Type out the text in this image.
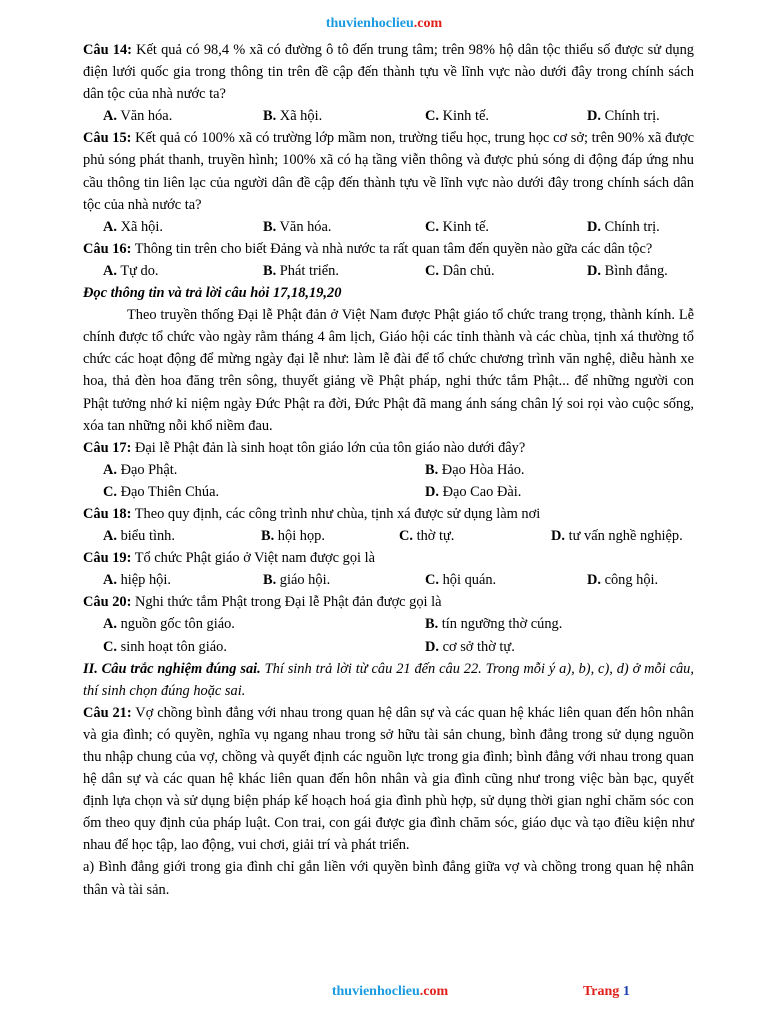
thuvienhoclieu.com

Câu 14: Kết quả có 98,4 % xã có đường ô tô đến trung tâm; trên 98% hộ dân tộc thiểu số được sử dụng điện lưới quốc gia trong thông tin trên đề cập đến thành tựu về lĩnh vực nào dưới đây trong chính sách dân tộc của nhà nước ta?

A. Văn hóa.	B. Xã hội.	C. Kinh tế.	D. Chính trị.

Câu 15: Kết quả có 100% xã có trường lớp mầm non, trường tiểu học, trung học cơ sở; trên 90% xã được phủ sóng phát thanh, truyền hình; 100% xã có hạ tầng viễn thông và được phủ sóng di động đáp ứng nhu cầu thông tin liên lạc của người dân đề cập đến thành tựu về lĩnh vực nào dưới đây trong chính sách dân tộc của nhà nước ta?

A. Xã hội.	B. Văn hóa.	C. Kinh tế.	D. Chính trị.

Câu 16: Thông tin trên cho biết Đảng và nhà nước ta rất quan tâm đến quyền nào gữa các dân tộc?

A. Tự do.	B. Phát triển.	C. Dân chủ.	D. Bình đẳng.

Đọc thông tin và trả lời câu hỏi 17,18,19,20

Theo truyền thống Đại lễ Phật đản ở Việt Nam được Phật giáo tổ chức trang trọng, thành kính. Lễ chính được tổ chức vào ngày rằm tháng 4 âm lịch, Giáo hội các tỉnh thành và các chùa, tịnh xá thường tổ chức các hoạt động để mừng ngày đại lễ như: làm lễ đài để tổ chức chương trình văn nghệ, diễu hành xe hoa, thả đèn hoa đăng trên sông, thuyết giảng về Phật pháp, nghi thức tắm Phật... để những người con Phật tưởng nhớ kỉ niệm ngày Đức Phật ra đời, Đức Phật đã mang ánh sáng chân lý soi rọi vào cuộc sống, xóa tan những nỗi khổ niềm đau.

Câu 17: Đại lễ Phật đản là sinh hoạt tôn giáo lớn của tôn giáo nào dưới đây?

A. Đạo Phật.	B. Đạo Hòa Hảo.
C. Đạo Thiên Chúa.	D. Đạo Cao Đài.

Câu 18: Theo quy định, các công trình như chùa, tịnh xá được sử dụng làm nơi

A. biểu tình.	B. hội họp.	C. thờ tự.	D. tư vấn nghề nghiệp.

Câu 19: Tổ chức Phật giáo ở Việt nam được gọi là

A. hiệp hội.	B. giáo hội.	C. hội quán.	D. công hội.

Câu 20: Nghi thức tắm Phật trong Đại lễ Phật đản được gọi là

A. nguồn gốc tôn giáo.	B. tín ngưỡng thờ cúng.
C. sinh hoạt tôn giáo.	D. cơ sở thờ tự.

II. Câu trắc nghiệm đúng sai. Thí sinh trả lời từ câu 21 đến câu 22. Trong mỗi ý a), b), c), d) ở mỗi câu, thí sinh chọn đúng hoặc sai.

Câu 21: Vợ chồng bình đẳng với nhau trong quan hệ dân sự và các quan hệ khác liên quan đến hôn nhân và gia đình; có quyền, nghĩa vụ ngang nhau trong sở hữu tài sản chung, bình đẳng trong sử dụng nguồn thu nhập chung của vợ, chồng và quyết định các nguồn lực trong gia đình; bình đẳng với nhau trong quan hệ dân sự và các quan hệ khác liên quan đến hôn nhân và gia đình cũng như trong việc bàn bạc, quyết định lựa chọn và sử dụng biện pháp kế hoạch hoá gia đình phù hợp, sử dụng thời gian nghỉ chăm sóc con ốm theo quy định của pháp luật. Con trai, con gái được gia đình chăm sóc, giáo dục và tạo điều kiện như nhau để học tập, lao động, vui chơi, giải trí và phát triển.

a) Bình đẳng giới trong gia đình chỉ gắn liền với quyền bình đẳng giữa vợ và chồng trong quan hệ nhân thân và tài sản.

thuvienhoclieu.com	Trang 1
